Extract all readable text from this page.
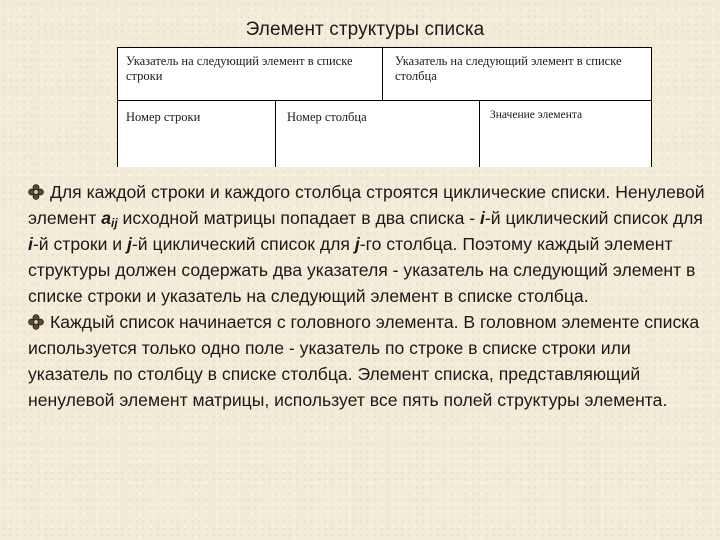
Элемент структуры списка
Указатель на следующий элемент в списке строки
Указатель на следующий элемент в списке столбца
Номер строки	Номер столбца	Значение элемента

Для каждой строки и каждого столбца строятся циклические списки. Ненулевой элемент $a_{ij}$ исходной матрицы попадает в два списка - i-й циклический список для i-й строки и j-й циклический список для j-го столбца. Поэтому каждый элемент структуры должен содержать два указателя - указатель на следующий элемент в списке строки и указатель на следующий элемент в списке столбца.

Каждый список начинается с головного элемента. В головном элементе списка используется только одно поле - указатель по строке в списке строки или указатель по столбцу в списке столбца. Элемент списка, представляющий ненулевой элемент матрицы, использует все пять полей структуры элемента.
